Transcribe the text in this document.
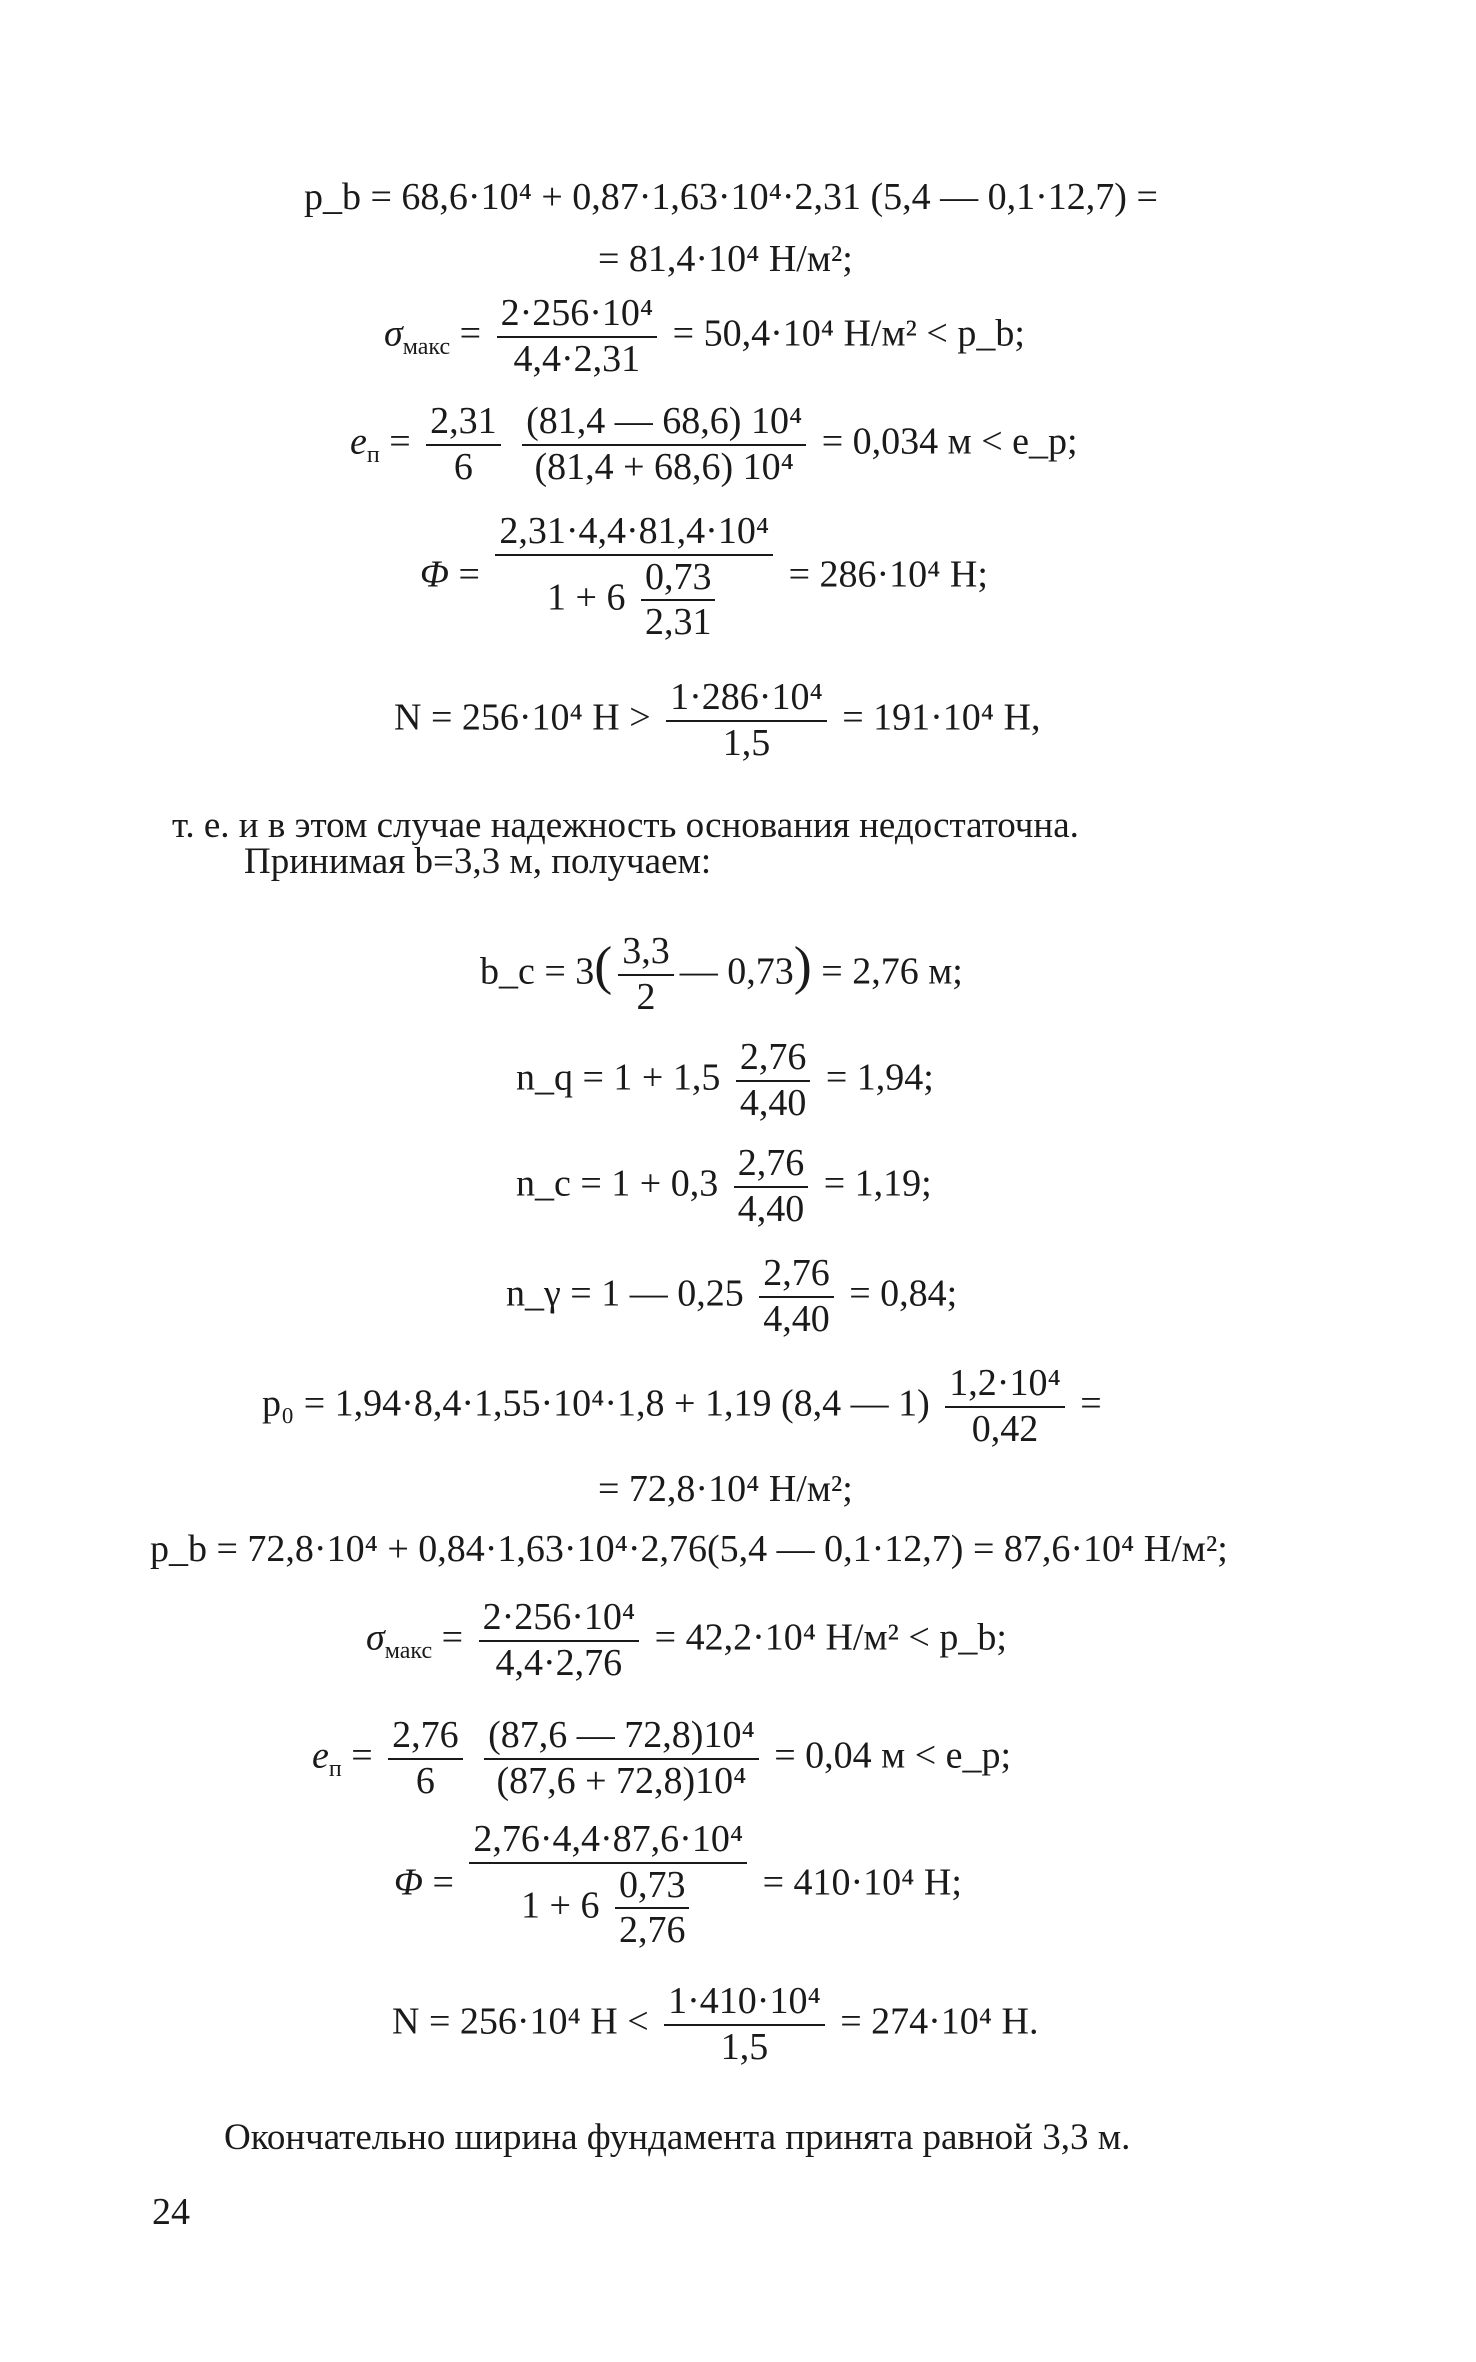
p_b = 68,6·10⁴ + 0,87·1,63·10⁴·2,31 (5,4 — 0,1·12,7) =
= 81,4·10⁴ Н/м²;
$\sigma_{макс} = \frac{\text{2·256·10⁴}}{4,4\cdot 2,31} = 50,4\cdot 10^4$ Н/м² < p_b;
$e_п = \frac{2,31}{6}$
$\frac{\text{(81,4 — 68,6) 10⁴}}{\text{(81,4 + 68,6) 10⁴}} = 0,034$ м < e_p;
$\Phi = \frac{\text{2,31·4,4·81,4·10⁴}}{1 + 6 \frac{0,73}{2,31}} = 286\cdot 10^4$ Н;
N = 256·10⁴ $Н > \frac{\text{1·286·10⁴}}{1,5} = 191\cdot 10^4$ Н,
т. е. и в этом случае надежность основания недостаточна.
Принимая b=3,3 м, получаем:
b_c = $3( \frac{3,3}{2}$ — 0,73) = 2,76 м;
n_q = $1 + 1,5 \frac{2,76}{4,40} = 1,94$;
n_c = $1 + 0,3 \frac{2,76}{4,40} = 1,19$;
n_γ = 1 — $0,25 \frac{2,76}{4,40} = 0,84$;
p₀ = 1,94·8,4·1,55·10⁴·1,8 + 1,19 (8,4 — $1) \frac{\text{1,2·10⁴}}{0,42}$ =
= 72,8·10⁴ Н/м²;
p_b = 72,8·10⁴ + 0,84·1,63·10⁴·2,76(5,4 — 0,1·12,7) = 87,6·10⁴ Н/м²;
$\sigma_{макс} = \frac{\text{2·256·10⁴}}{4,4\cdot 2,76} = 42,2\cdot 10^4$ Н/м² < p_b;
$e_п = \frac{2,76}{6}$
$\frac{\text{(87,6 — 72,8)10⁴}}{\text{(87,6 + 72,8)10⁴}} = 0,04$ м < e_p;
$\Phi = \frac{\text{2,76·4,4·87,6·10⁴}}{1 + 6 \frac{0,73}{2,76}} = 410\cdot 10^4$ Н;
N = 256·10⁴ $Н < \frac{\text{1·410·10⁴}}{1,5} = 274\cdot 10^4$ Н.
Окончательно ширина фундамента принята равной 3,3 м.
24
